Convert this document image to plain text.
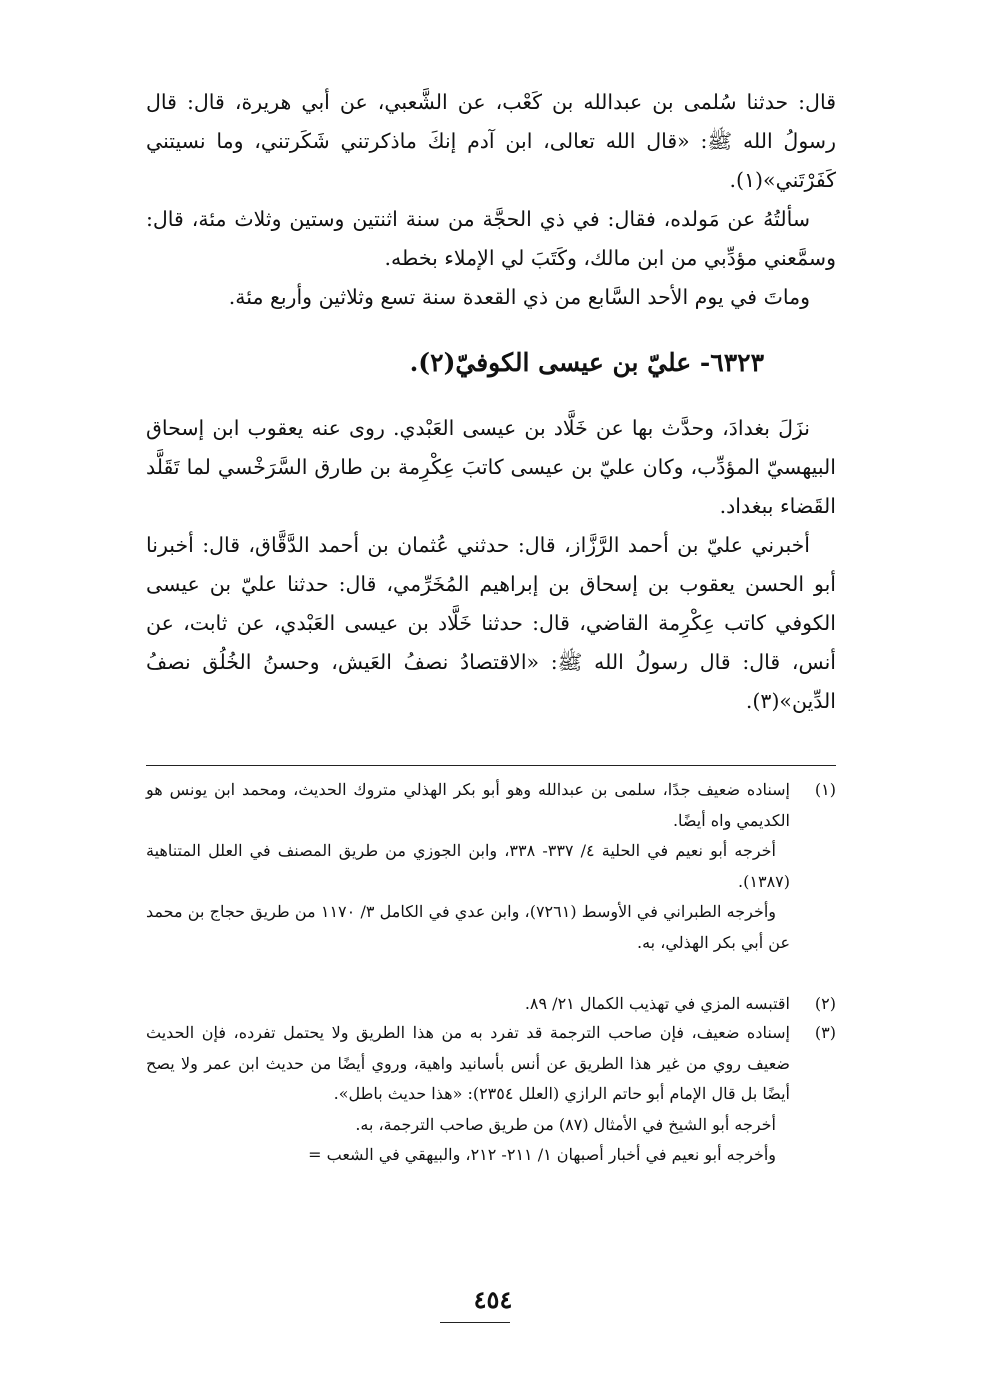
قال: حدثنا سُلمى بن عبدالله بن كَعْب، عن الشَّعبي، عن أبي هريرة، قال: قال رسولُ الله ﷺ: «قال الله تعالى، ابن آدم إنكَ ماذكرتني شَكَرتني، وما نسيتني كَفَرْتَني»(١).

سألتُهُ عن مَولده، فقال: في ذي الحجَّة من سنة اثنتين وستين وثلاث مئة، قال: وسمَّعني مؤدِّبي من ابن مالك، وكَتَبَ لي الإملاء بخطه.

وماتَ في يوم الأحد السَّابع من ذي القعدة سنة تسع وثلاثين وأربع مئة.

٦٣٢٣- عليّ بن عيسى الكوفيّ(٢).

نزَلَ بغدادَ، وحدَّث بها عن خَلَّاد بن عيسى العَبْدي. روى عنه يعقوب ابن إسحاق البيهسيّ المؤدِّب، وكان عليّ بن عيسى كاتبَ عِكْرِمة بن طارق السَّرَخْسي لما تَقَلَّد القَضاء ببغداد.

أخبرني عليّ بن أحمد الرَّزَّاز، قال: حدثني عُثمان بن أحمد الدَّقَّاق، قال: أخبرنا أبو الحسن يعقوب بن إسحاق بن إبراهيم المُخَرِّمي، قال: حدثنا عليّ بن عيسى الكوفي كاتب عِكْرِمة القاضي، قال: حدثنا خَلَّاد بن عيسى العَبْدي، عن ثابت، عن أنس، قال: قال رسولُ الله ﷺ: «الاقتصادُ نصفُ العَيش، وحسنُ الخُلُق نصفُ الدِّين»(٣).

(١)

إسناده ضعيف جدًا، سلمى بن عبدالله وهو أبو بكر الهذلي متروك الحديث، ومحمد ابن يونس هو الكديمي واه أيضًا.

أخرجه أبو نعيم في الحلية ٤/ ٣٣٧- ٣٣٨، وابن الجوزي من طريق المصنف في العلل المتناهية (١٣٨٧).

وأخرجه الطبراني في الأوسط (٧٢٦١)، وابن عدي في الكامل ٣/ ١١٧٠ من طريق حجاج بن محمد عن أبي بكر الهذلي، به.

(٢)

اقتبسه المزي في تهذيب الكمال ٢١/ ٨٩.

(٣)

إسناده ضعيف، فإن صاحب الترجمة قد تفرد به من هذا الطريق ولا يحتمل تفرده، فإن الحديث ضعيف روي من غير هذا الطريق عن أنس بأسانيد واهية، وروي أيضًا من حديث ابن عمر ولا يصح أيضًا بل قال الإمام أبو حاتم الرازي (العلل ٢٣٥٤): «هذا حديث باطل».

أخرجه أبو الشيخ في الأمثال (٨٧) من طريق صاحب الترجمة، به.

وأخرجه أبو نعيم في أخبار أصبهان ١/ ٢١١- ٢١٢، والبيهقي في الشعب =

٤٥٤
